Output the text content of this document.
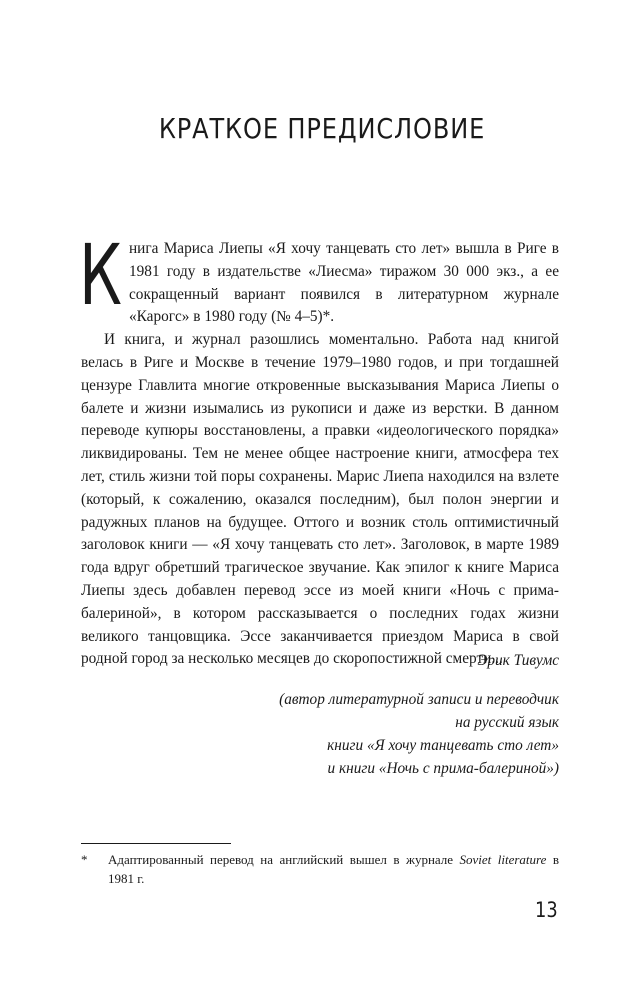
КРАТКОЕ ПРЕДИСЛОВИЕ

Книга Мариса Лиепы «Я хочу танцевать сто лет» вышла в Риге в 1981 году в издательстве «Лиесма» тиражом 30 000 экз., а ее сокращенный вариант появился в литературном журнале «Карогс» в 1980 году (№ 4–5)*.

И книга, и журнал разошлись моментально. Работа над книгой велась в Риге и Москве в течение 1979–1980 годов, и при тогдашней цензуре Главлита многие откровенные высказывания Мариса Лиепы о балете и жизни изымались из рукописи и даже из верстки. В данном переводе купюры восстановлены, а правки «идеологического порядка» ликвидированы. Тем не менее общее настроение книги, атмосфера тех лет, стиль жизни той поры сохранены. Марис Лиепа находился на взлете (который, к сожалению, оказался последним), был полон энергии и радужных планов на будущее. Оттого и возник столь оптимистичный заголовок книги — «Я хочу танцевать сто лет». Заголовок, в марте 1989 года вдруг обретший трагическое звучание. Как эпилог к книге Мариса Лиепы здесь добавлен перевод эссе из моей книги «Ночь с прима-балериной», в котором рассказывается о последних годах жизни великого танцовщика. Эссе заканчивается приездом Мариса в свой родной город за несколько месяцев до скоропостижной смерти...

Эрик Тивумс
(автор литературной записи и переводчик
на русский язык
книги «Я хочу танцевать сто лет»
и книги «Ночь с прима-балериной»)
* Адаптированный перевод на английский вышел в журнале Soviet literature в 1981 г.
13
